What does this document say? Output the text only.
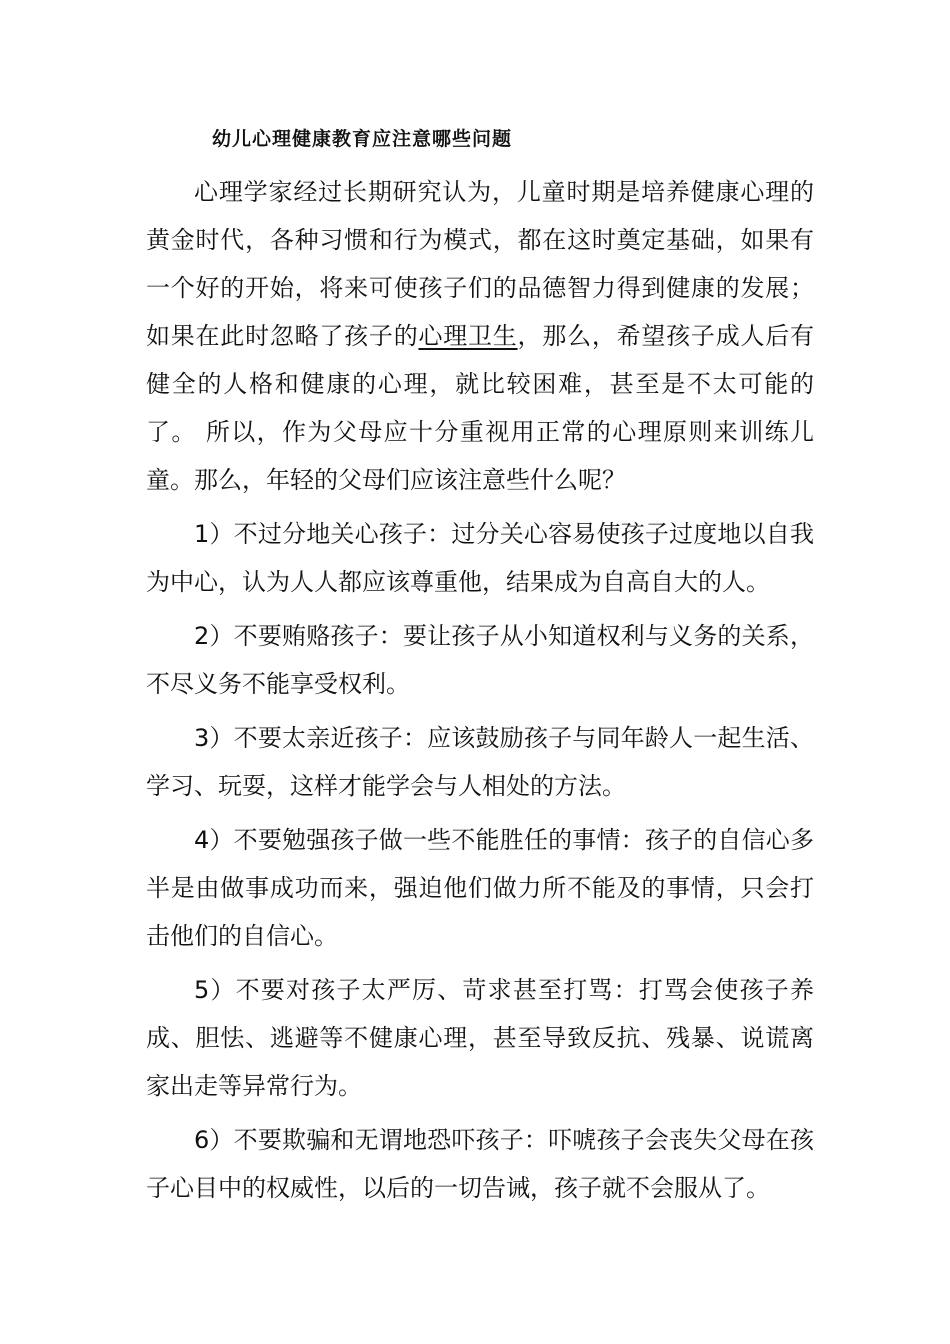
幼儿心理健康教育应注意哪些问题

心理学家经过长期研究认为，儿童时期是培养健康心理的黄金时代，各种习惯和行为模式，都在这时奠定基础，如果有一个好的开始，将来可使孩子们的品德智力得到健康的发展；如果在此时忽略了孩子的心理卫生，那么，希望孩子成人后有健全的人格和健康的心理，就比较困难，甚至是不太可能的了。 所以，作为父母应十分重视用正常的心理原则来训练儿童。那么，年轻的父母们应该注意些什么呢？

1）不过分地关心孩子：过分关心容易使孩子过度地以自我为中心，认为人人都应该尊重他，结果成为自高自大的人。

2）不要贿赂孩子：要让孩子从小知道权利与义务的关系，不尽义务不能享受权利。

3）不要太亲近孩子：应该鼓励孩子与同年龄人一起生活、学习、玩耍，这样才能学会与人相处的方法。

4）不要勉强孩子做一些不能胜任的事情：孩子的自信心多半是由做事成功而来，强迫他们做力所不能及的事情，只会打击他们的自信心。

5）不要对孩子太严厉、苛求甚至打骂：打骂会使孩子养成、胆怯、逃避等不健康心理，甚至导致反抗、残暴、说谎离家出走等异常行为。

6）不要欺骗和无谓地恐吓孩子：吓唬孩子会丧失父母在孩子心目中的权威性，以后的一切告诫，孩子就不会服从了。
